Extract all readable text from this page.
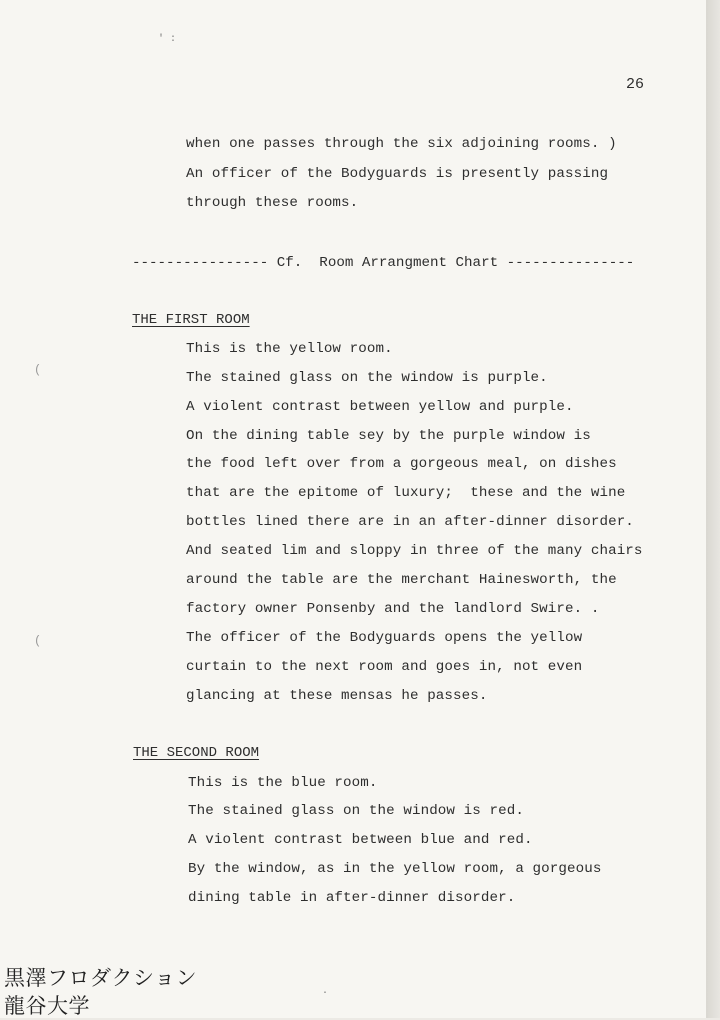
' :
26
when one passes through the six adjoining rooms. )
An officer of the Bodyguards is presently passing
through these rooms.
---------------- Cf.  Room Arrangment Chart ---------------
THE FIRST ROOM
This is the yellow room.
The stained glass on the window is purple.
A violent contrast between yellow and purple.
On the dining table sey by the purple window is
the food left over from a gorgeous meal, on dishes
that are the epitome of luxury;  these and the wine
bottles lined there are in an after-dinner disorder.
And seated lim and sloppy in three of the many chairs
around the table are the merchant Hainesworth, the
factory owner Ponsenby and the landlord Swire. .
The officer of the Bodyguards opens the yellow
curtain to the next room and goes in, not even
glancing at these mensas he passes.
(
(
THE SECOND ROOM
This is the blue room.
The stained glass on the window is red.
A violent contrast between blue and red.
By the window, as in the yellow room, a gorgeous
dining table in after-dinner disorder.
·
黒澤フロダクション
龍谷大学
